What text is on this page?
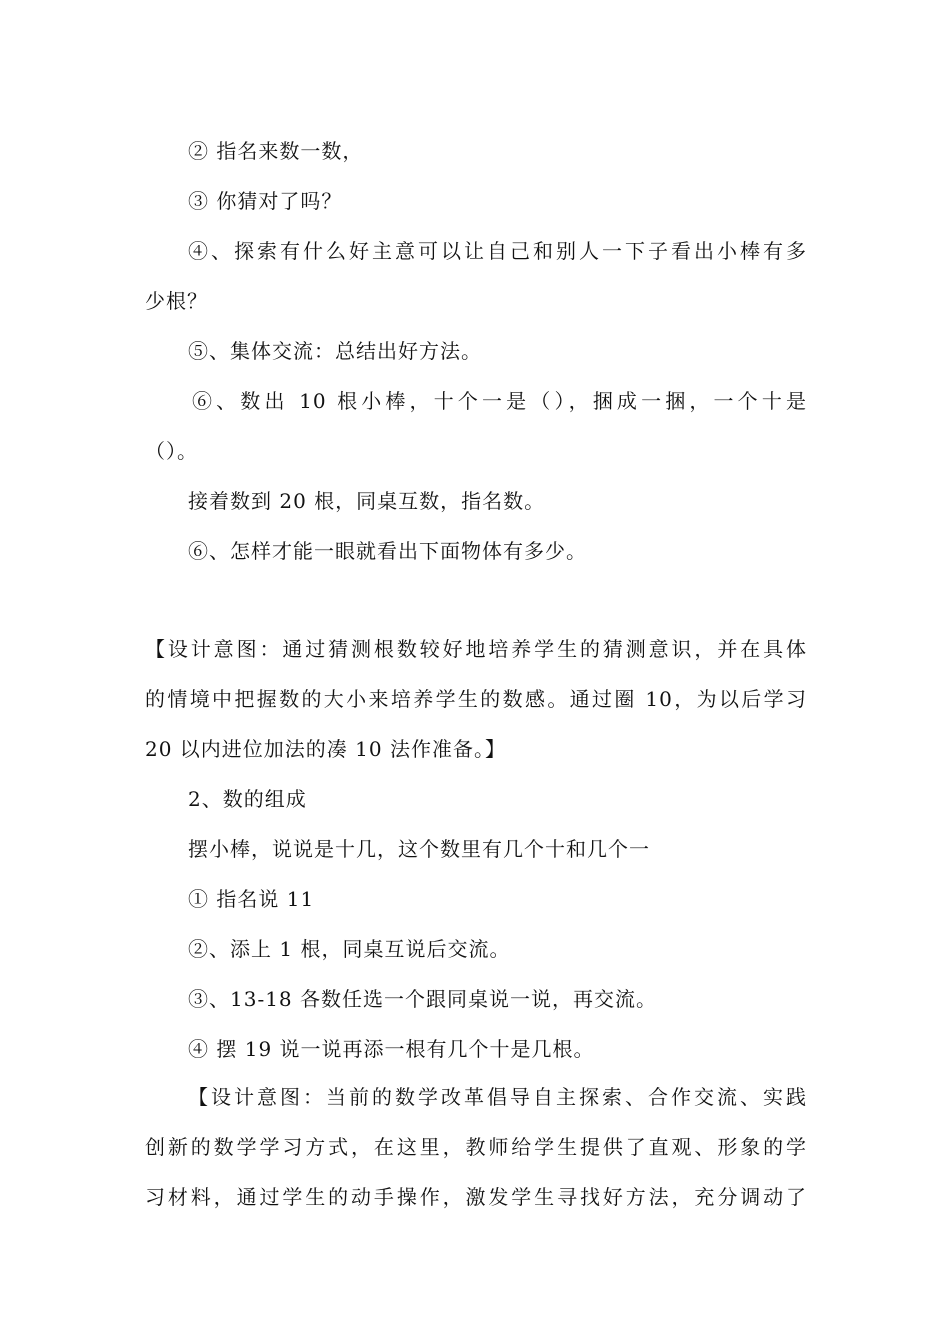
② 指名来数一数，
③ 你猜对了吗？
④、探索有什么好主意可以让自己和别人一下子看出小棒有多
少根？
⑤、集体交流：总结出好方法。
⑥、数出 10 根小棒，十个一是（），捆成一捆，一个十是
（）。
接着数到 20 根，同桌互数，指名数。
⑥、怎样才能一眼就看出下面物体有多少。
【设计意图：通过猜测根数较好地培养学生的猜测意识，并在具体
的情境中把握数的大小来培养学生的数感。通过圈 10，为以后学习
20 以内进位加法的凑 10 法作准备。】
2、数的组成
摆小棒，说说是十几，这个数里有几个十和几个一
① 指名说 11
②、添上 1 根，同桌互说后交流。
③、13-18 各数任选一个跟同桌说一说，再交流。
④ 摆 19 说一说再添一根有几个十是几根。
【设计意图：当前的数学改革倡导自主探索、合作交流、实践
创新的数学学习方式，在这里，教师给学生提供了直观、形象的学
习材料，通过学生的动手操作，激发学生寻找好方法，充分调动了
